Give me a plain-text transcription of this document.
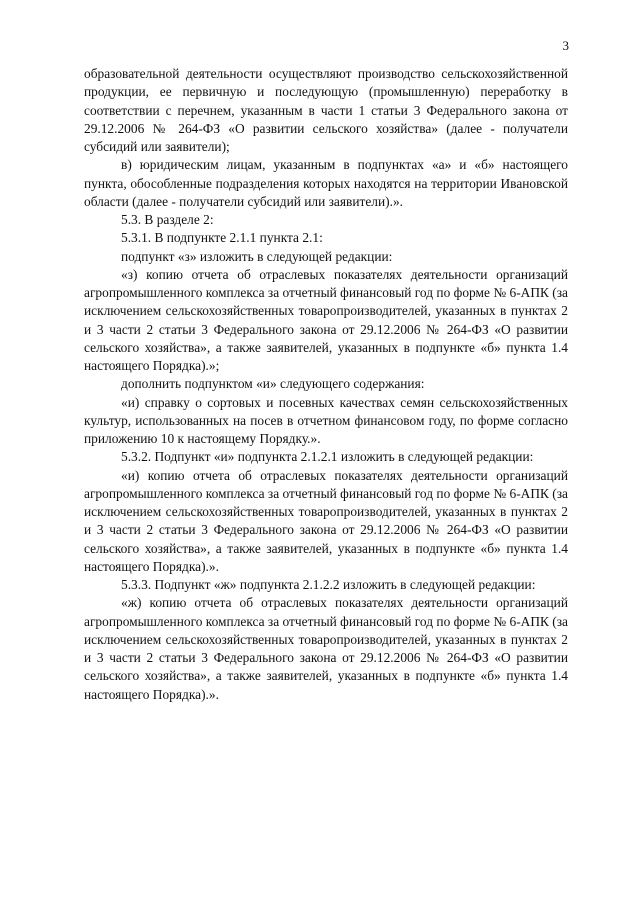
3

образовательной деятельности осуществляют производство сельскохозяйственной продукции, ее первичную и последующую (промышленную) переработку в соответствии с перечнем, указанным в части 1 статьи 3 Федерального закона от 29.12.2006 № 264-ФЗ «О развитии сельского хозяйства» (далее - получатели субсидий или заявители);

в) юридическим лицам, указанным в подпунктах «а» и «б» настоящего пункта, обособленные подразделения которых находятся на территории Ивановской области (далее - получатели субсидий или заявители).».

5.3. В разделе 2:

5.3.1. В подпункте 2.1.1 пункта 2.1:

подпункт «з» изложить в следующей редакции:

«з) копию отчета об отраслевых показателях деятельности организаций агропромышленного комплекса за отчетный финансовый год по форме № 6-АПК (за исключением сельскохозяйственных товаропроизводителей, указанных в пунктах 2 и 3 части 2 статьи 3 Федерального закона от 29.12.2006 № 264-ФЗ «О развитии сельского хозяйства», а также заявителей, указанных в подпункте «б» пункта 1.4 настоящего Порядка).»;

дополнить подпунктом «и» следующего содержания:

«и) справку о сортовых и посевных качествах семян сельскохозяйственных культур, использованных на посев в отчетном финансовом году, по форме согласно приложению 10 к настоящему Порядку.».

5.3.2. Подпункт «и» подпункта 2.1.2.1 изложить в следующей редакции:

«и) копию отчета об отраслевых показателях деятельности организаций агропромышленного комплекса за отчетный финансовый год по форме № 6-АПК (за исключением сельскохозяйственных товаропроизводителей, указанных в пунктах 2 и 3 части 2 статьи 3 Федерального закона от 29.12.2006 № 264-ФЗ «О развитии сельского хозяйства», а также заявителей, указанных в подпункте «б» пункта 1.4 настоящего Порядка).».

5.3.3. Подпункт «ж» подпункта 2.1.2.2 изложить в следующей редакции:

«ж) копию отчета об отраслевых показателях деятельности организаций агропромышленного комплекса за отчетный финансовый год по форме № 6-АПК (за исключением сельскохозяйственных товаропроизводителей, указанных в пунктах 2 и 3 части 2 статьи 3 Федерального закона от 29.12.2006 № 264-ФЗ «О развитии сельского хозяйства», а также заявителей, указанных в подпункте «б» пункта 1.4 настоящего Порядка).».
